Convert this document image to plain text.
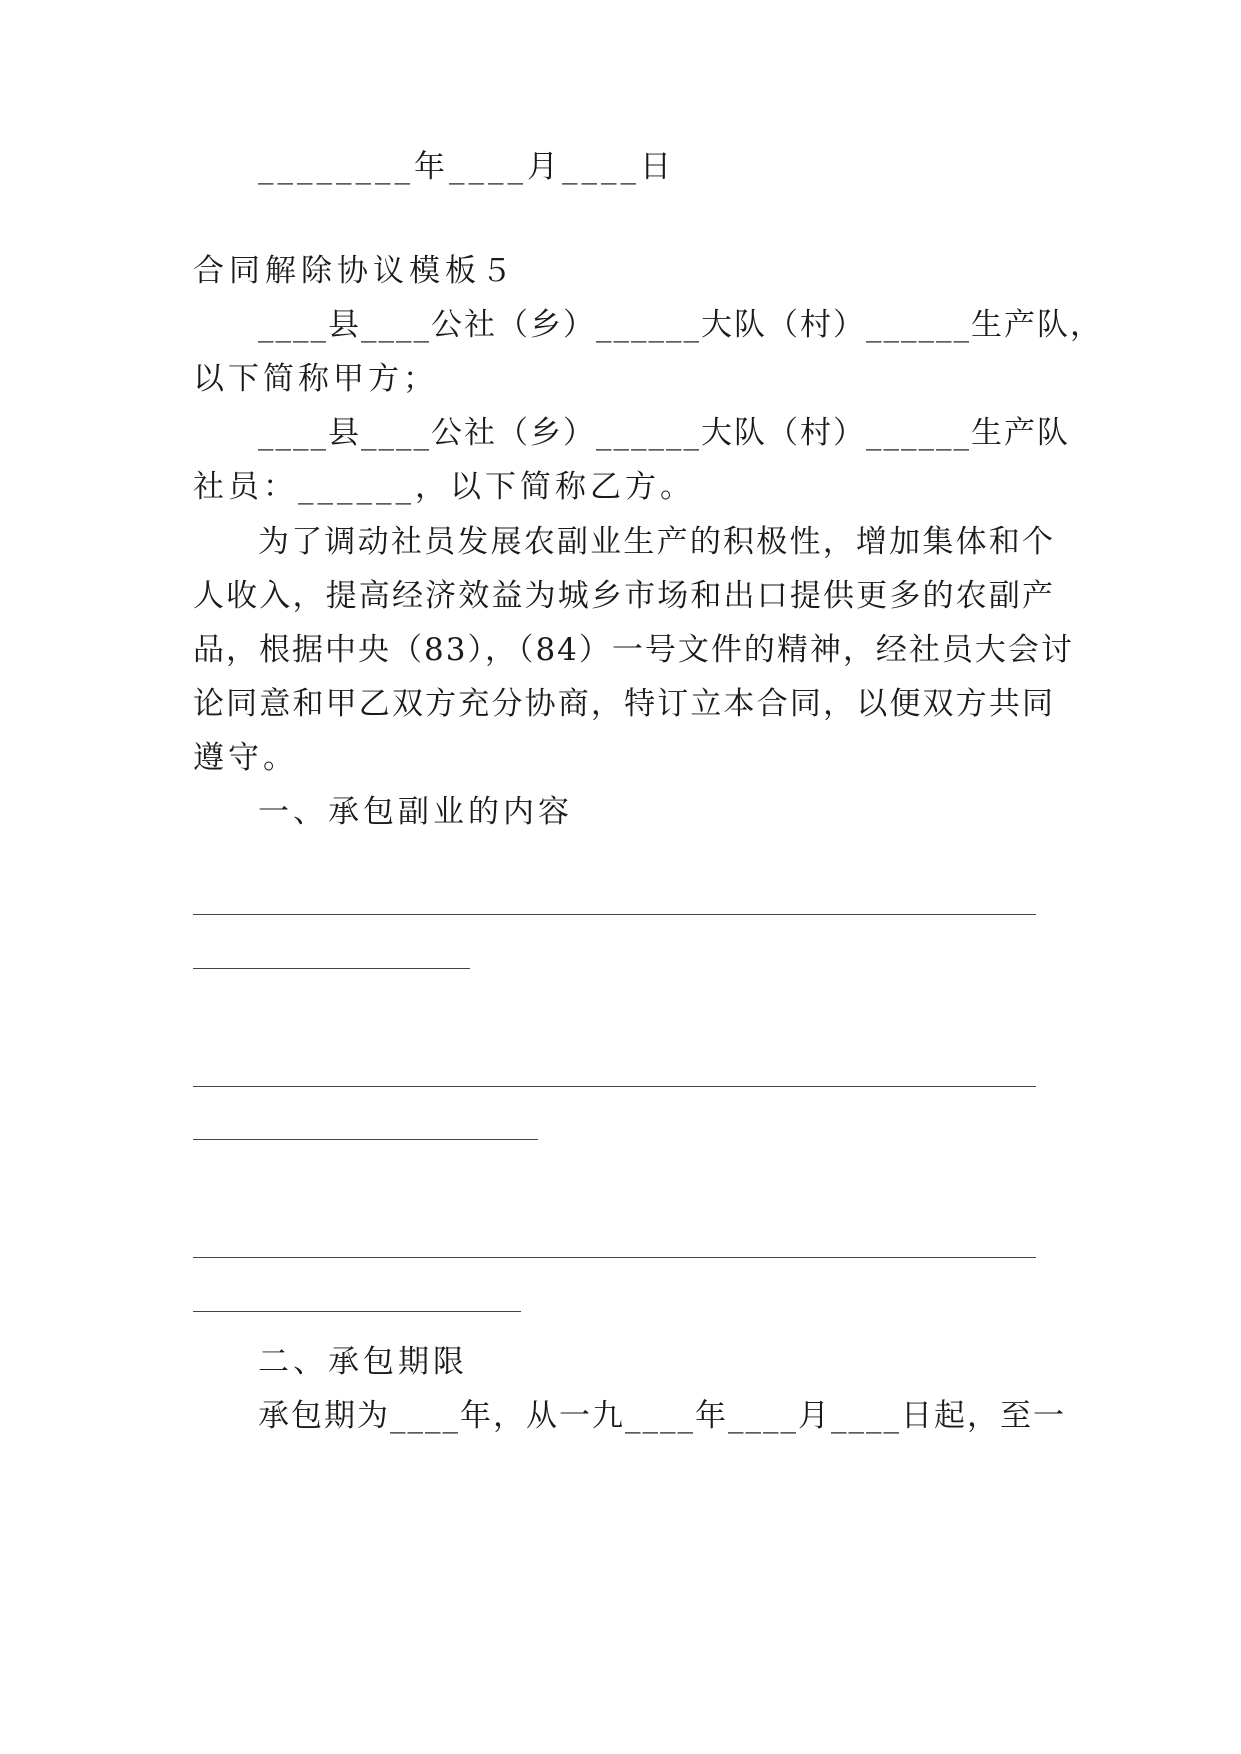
________年____月____日
合同解除协议模板５
____县____公社（乡）______大队（村）______生产队，
以下简称甲方；
____县____公社（乡）______大队（村）______生产队
社员：______，以下简称乙方。
为了调动社员发展农副业生产的积极性，增加集体和个
人收入，提高经济效益为城乡市场和出口提供更多的农副产
品，根据中央（83），（84）一号文件的精神，经社员大会讨
论同意和甲乙双方充分协商，特订立本合同，以便双方共同
遵守。
一、承包副业的内容
二、承包期限
承包期为____年，从一九____年____月____日起，至一
